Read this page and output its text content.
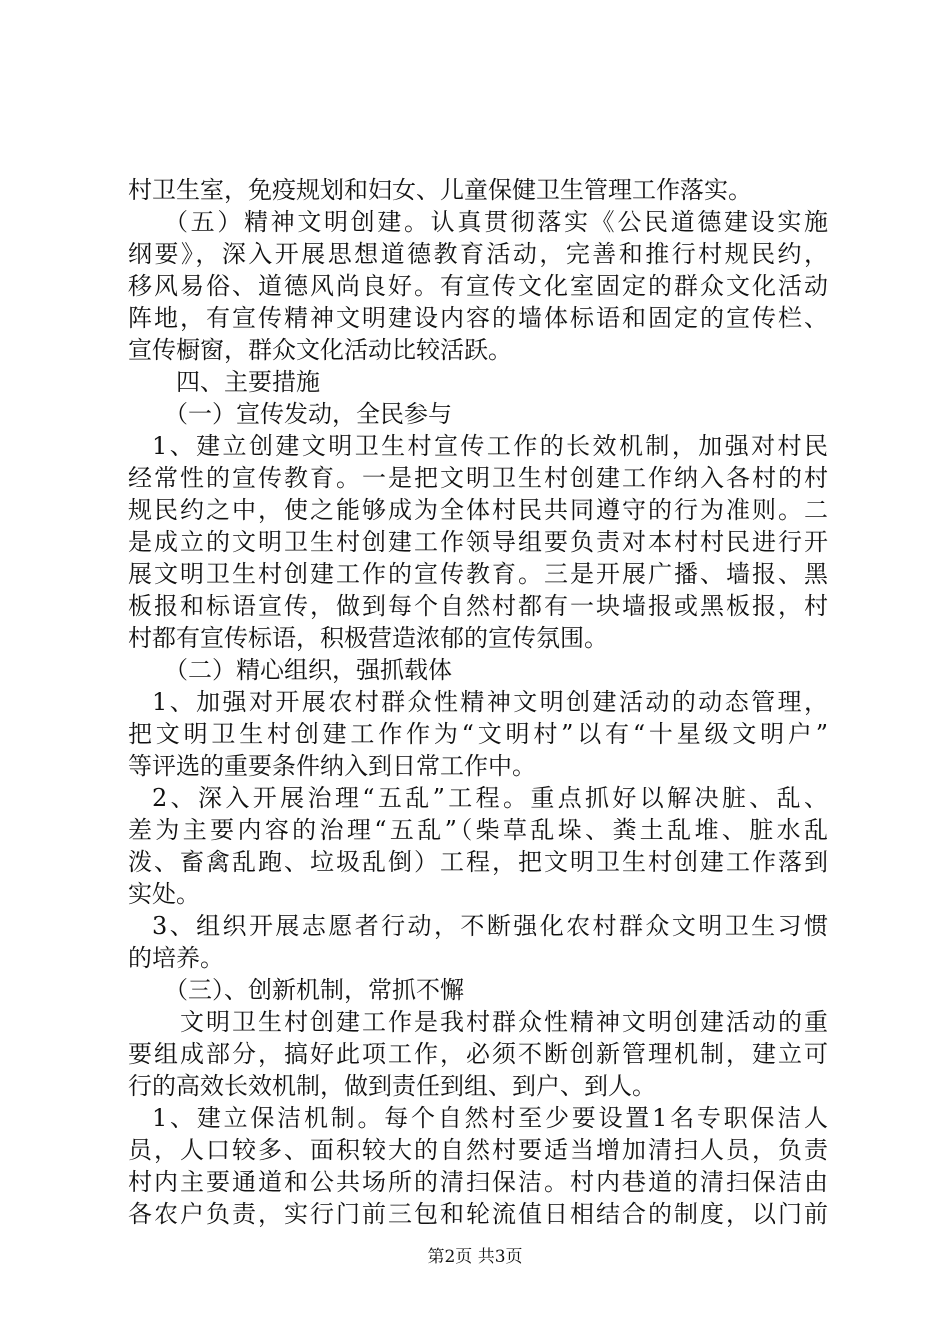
村卫生室，免疫规划和妇女、儿童保健卫生管理工作落实。
（五）精神文明创建。认真贯彻落实《公民道德建设实施
纲要》，深入开展思想道德教育活动，完善和推行村规民约，
移风易俗、道德风尚良好。有宣传文化室固定的群众文化活动
阵地，有宣传精神文明建设内容的墙体标语和固定的宣传栏、
宣传橱窗，群众文化活动比较活跃。
四、主要措施
（一）宣传发动，全民参与
1、建立创建文明卫生村宣传工作的长效机制，加强对村民
经常性的宣传教育。一是把文明卫生村创建工作纳入各村的村
规民约之中，使之能够成为全体村民共同遵守的行为准则。二
是成立的文明卫生村创建工作领导组要负责对本村村民进行开
展文明卫生村创建工作的宣传教育。三是开展广播、墙报、黑
板报和标语宣传，做到每个自然村都有一块墙报或黑板报，村
村都有宣传标语，积极营造浓郁的宣传氛围。
（二）精心组织，强抓载体
1、加强对开展农村群众性精神文明创建活动的动态管理，
把文明卫生村创建工作作为“文明村”以有“十星级文明户”
等评选的重要条件纳入到日常工作中。
2、深入开展治理“五乱”工程。重点抓好以解决脏、乱、
差为主要内容的治理“五乱”（柴草乱垛、粪土乱堆、脏水乱
泼、畜禽乱跑、垃圾乱倒）工程，把文明卫生村创建工作落到
实处。
3、组织开展志愿者行动，不断强化农村群众文明卫生习惯
的培养。
（三）、创新机制，常抓不懈
文明卫生村创建工作是我村群众性精神文明创建活动的重
要组成部分，搞好此项工作，必须不断创新管理机制，建立可
行的高效长效机制，做到责任到组、到户、到人。
1、建立保洁机制。每个自然村至少要设置1名专职保洁人
员，人口较多、面积较大的自然村要适当增加清扫人员，负责
村内主要通道和公共场所的清扫保洁。村内巷道的清扫保洁由
各农户负责，实行门前三包和轮流值日相结合的制度，以门前
第2页 共3页
